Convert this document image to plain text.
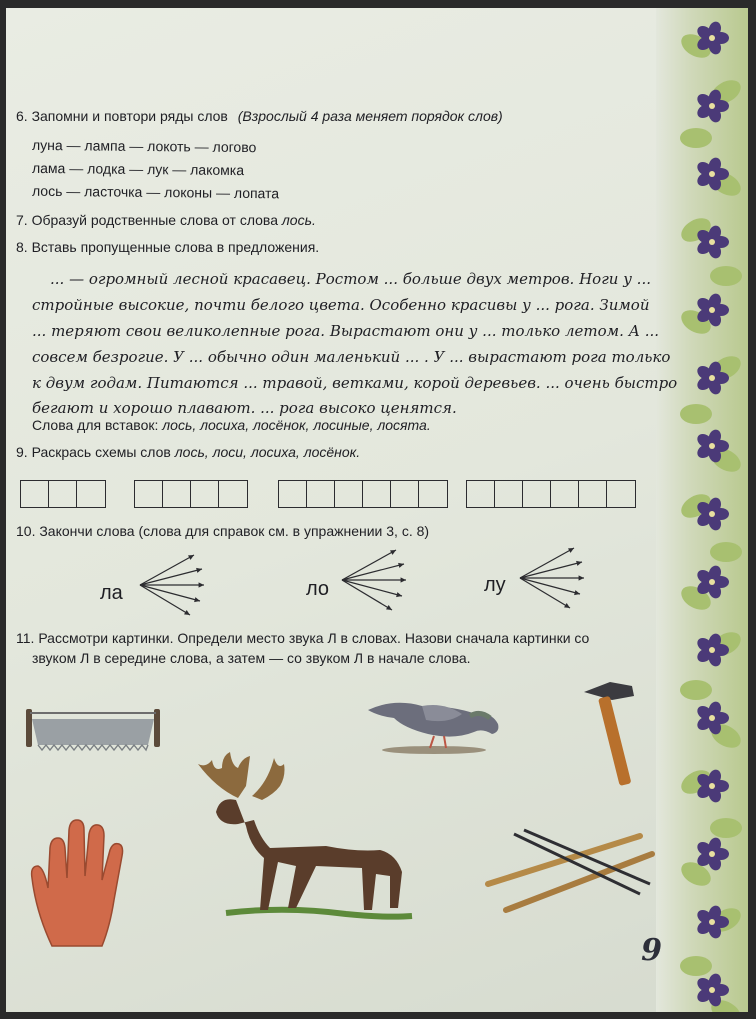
6. Запомни и повтори ряды слов (Взрослый 4 раза меняет порядок слов)
луна — лампа — локоть — логово
лама — лодка — лук — лакомка
лось — ласточка — локоны — лопата
7. Образуй родственные слова от слова лось.
8. Вставь пропущенные слова в предложения.
... — огромный лесной красавец. Ростом ... больше двух метров. Ноги у ...
стройные высокие, почти белого цвета. Особенно красивы у ... рога. Зимой
... теряют свои великолепные рога. Вырастают они у ... только летом. А ...
совсем безрогие. У ... обычно один маленький ... . У ... вырастают рога только
к двум годам. Питаются ... травой, ветками, корой деревьев. ... очень быстро
бегают и хорошо плавают. ... рога высоко ценятся.
Слова для вставок: лось, лосиха, лосёнок, лосиные, лосята.
9. Раскрась схемы слов лось, лоси, лосиха, лосёнок.
10. Закончи слова (слова для справок см. в упражнении 3, с. 8)
ла	ло	лу
11. Рассмотри картинки. Определи место звука Л в словах. Назови сначала картинки со
звуком Л в середине слова, а затем — со звуком Л в начале слова.
9
